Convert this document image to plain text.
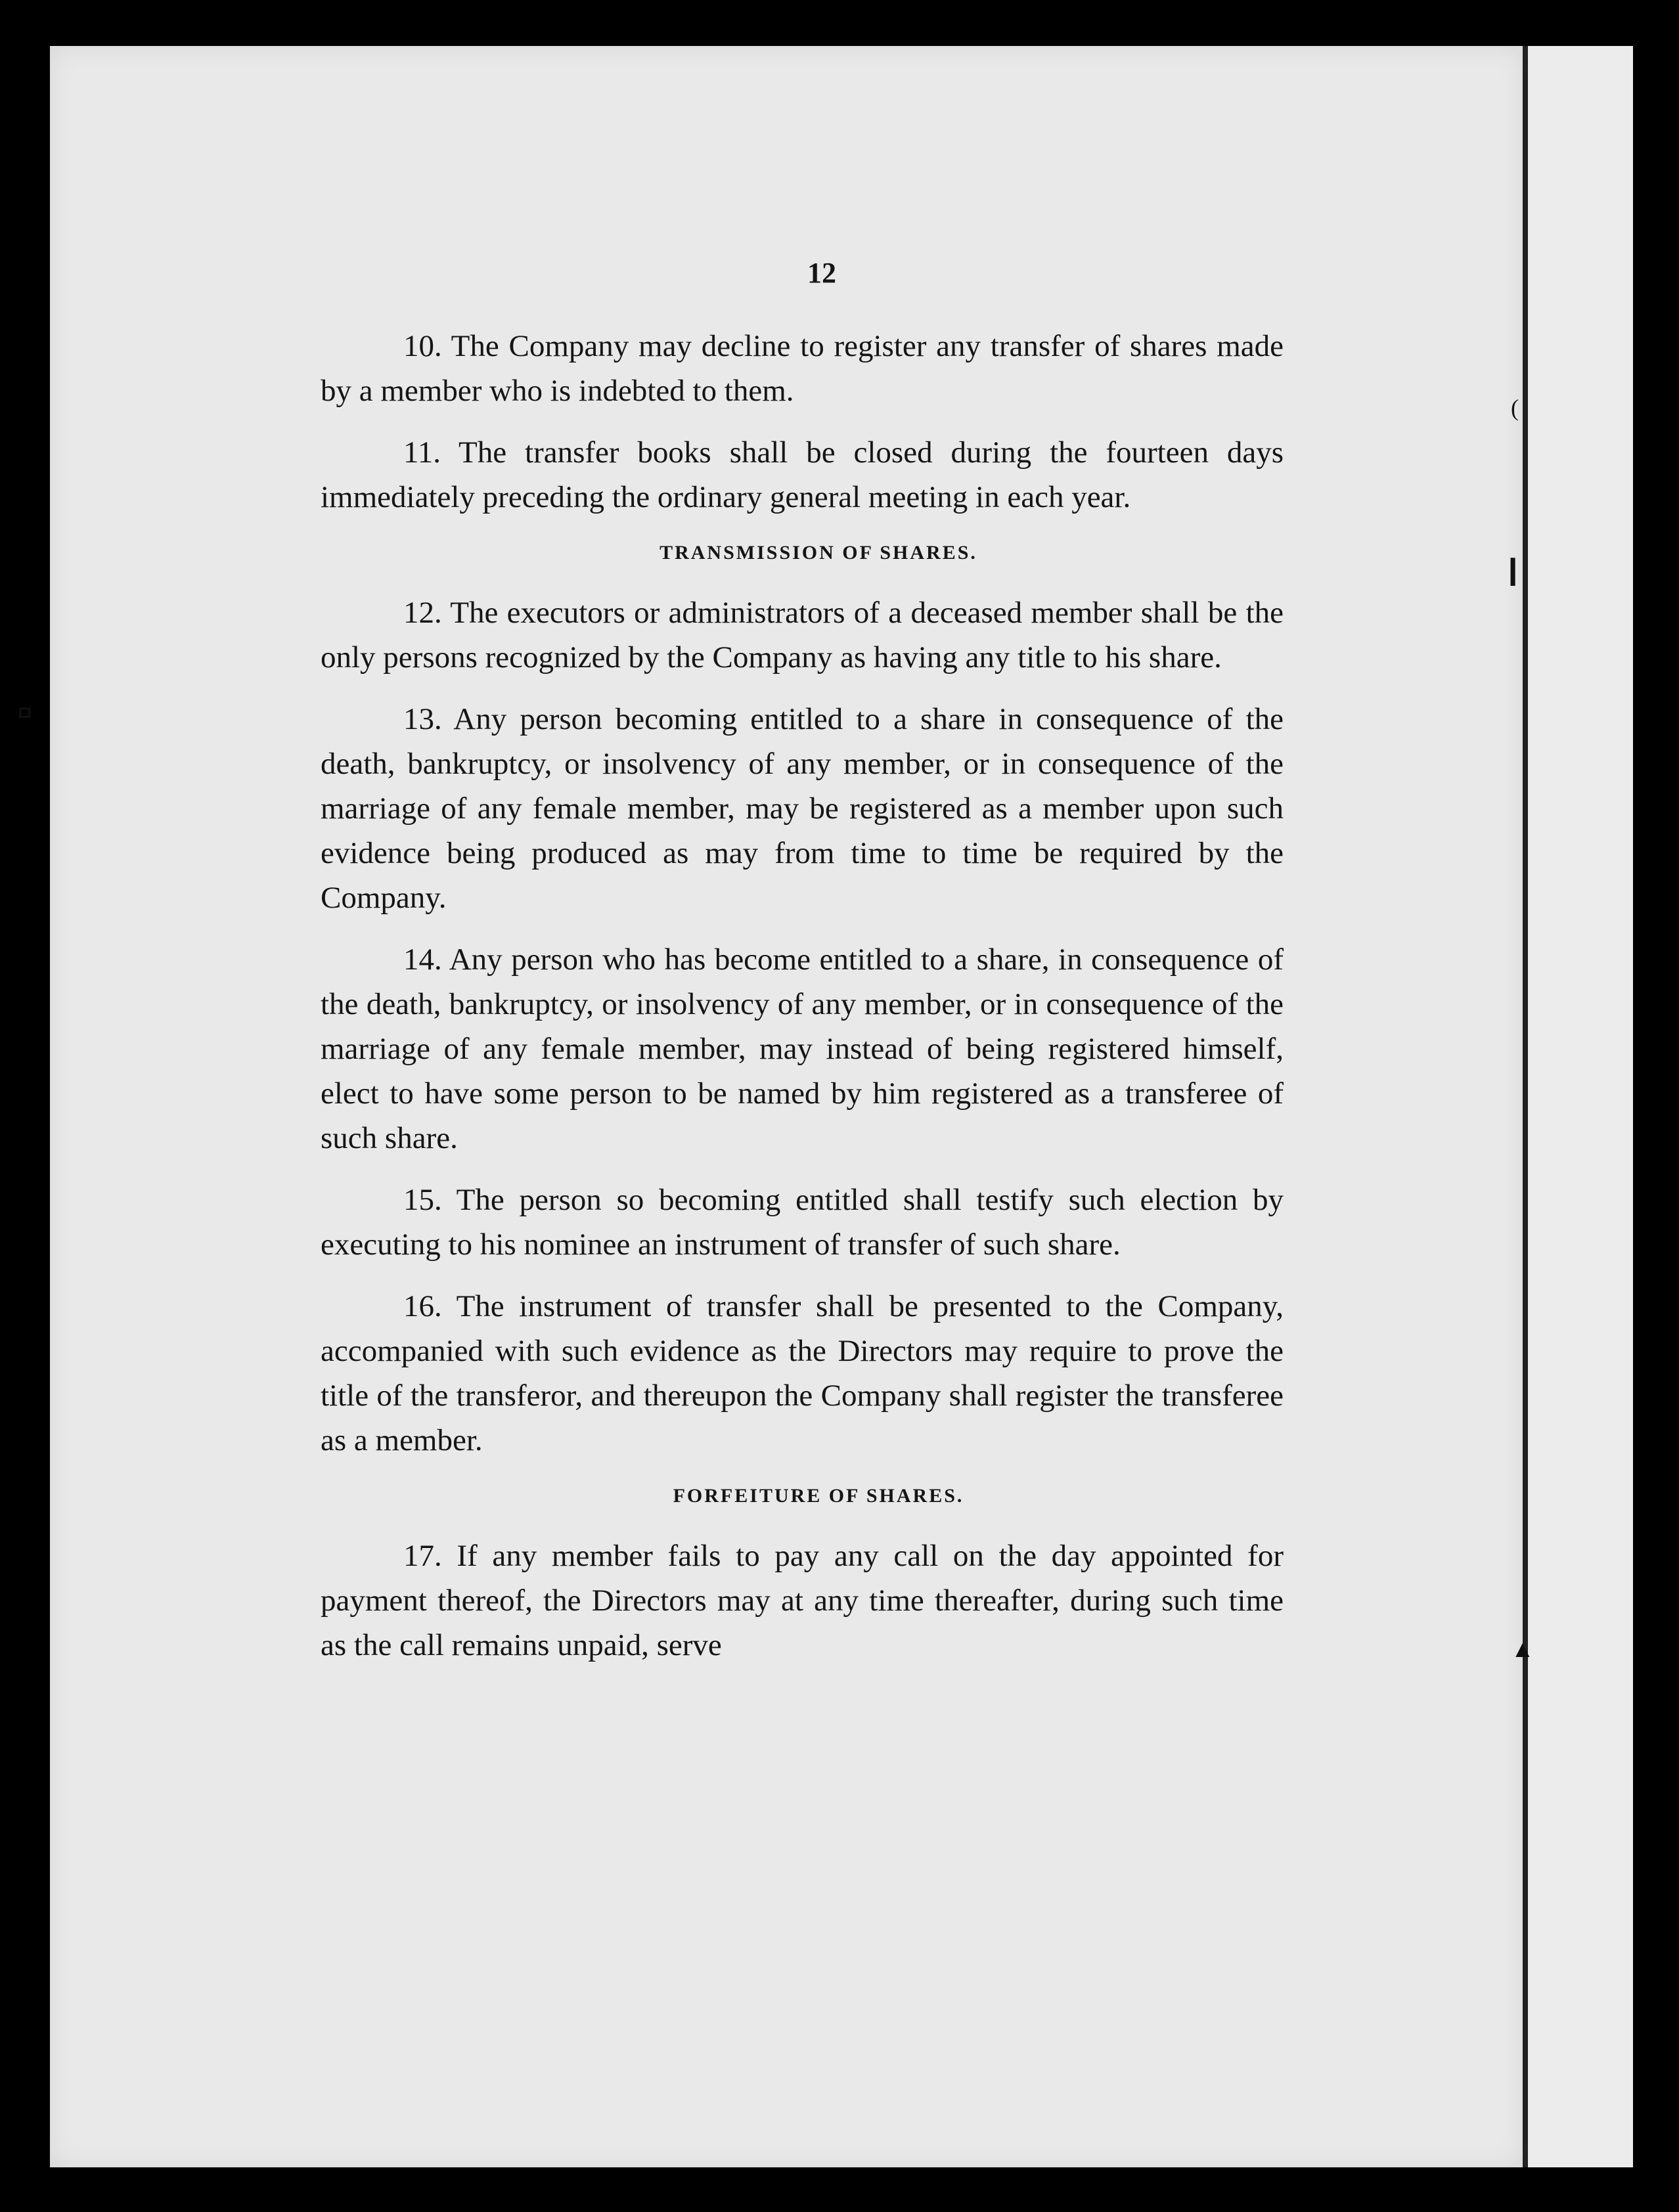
ߛ
(
▎
▲
12

10. The Company may decline to register any transfer of shares made by a member who is indebted to them.

11. The transfer books shall be closed during the fourteen days immediately preceding the ordinary general meeting in each year.

TRANSMISSION OF SHARES.

12. The executors or administrators of a deceased member shall be the only persons recognized by the Company as having any title to his share.

13. Any person becoming entitled to a share in consequence of the death, bankruptcy, or insolvency of any member, or in consequence of the marriage of any female member, may be registered as a member upon such evidence being produced as may from time to time be required by the Company.

14. Any person who has become entitled to a share, in consequence of the death, bankruptcy, or insolvency of any member, or in consequence of the marriage of any female member, may instead of being registered himself, elect to have some person to be named by him registered as a transferee of such share.

15. The person so becoming entitled shall testify such election by executing to his nominee an instrument of transfer of such share.

16. The instrument of transfer shall be presented to the Company, accompanied with such evidence as the Directors may require to prove the title of the transferor, and thereupon the Company shall register the transferee as a member.

FORFEITURE OF SHARES.

17. If any member fails to pay any call on the day appointed for payment thereof, the Directors may at any time thereafter, during such time as the call remains unpaid, serve
